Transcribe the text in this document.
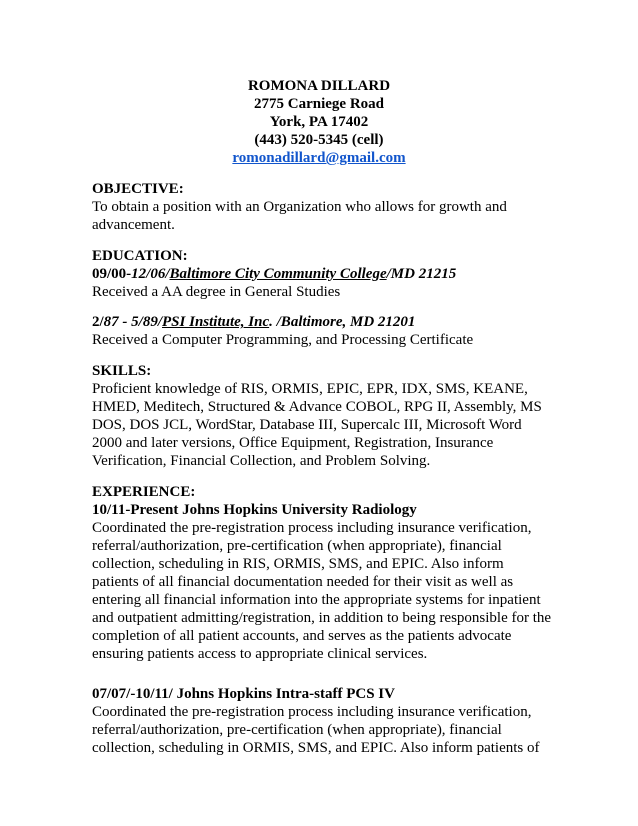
ROMONA DILLARD
2775 Carniege Road
York, PA 17402
(443) 520-5345 (cell)
romonadillard@gmail.com
OBJECTIVE:
To obtain a position with an Organization who allows for growth and
advancement.
EDUCATION:
09/00-12/06/Baltimore City Community College/MD 21215
Received a AA degree in General Studies
2/87 - 5/89/PSI Institute, Inc. /Baltimore, MD 21201
Received a Computer Programming, and Processing Certificate
SKILLS:
Proficient knowledge of RIS, ORMIS, EPIC, EPR, IDX, SMS, KEANE,
HMED, Meditech, Structured & Advance COBOL, RPG II, Assembly, MS
DOS, DOS JCL, WordStar, Database III, Supercalc III, Microsoft Word
2000 and later versions, Office Equipment, Registration, Insurance
Verification, Financial Collection, and Problem Solving.
EXPERIENCE:
10/11-Present Johns Hopkins University Radiology
Coordinated the pre-registration process including insurance verification,
referral/authorization, pre-certification (when appropriate), financial
collection, scheduling in RIS, ORMIS, SMS, and EPIC. Also inform
patients of all financial documentation needed for their visit as well as
entering all financial information into the appropriate systems for inpatient
and outpatient admitting/registration, in addition to being responsible for the
completion of all patient accounts, and serves as the patients advocate
ensuring patients access to appropriate clinical services.
07/07/-10/11/ Johns Hopkins Intra-staff PCS IV
Coordinated the pre-registration process including insurance verification,
referral/authorization, pre-certification (when appropriate), financial
collection, scheduling in ORMIS, SMS, and EPIC. Also inform patients of
